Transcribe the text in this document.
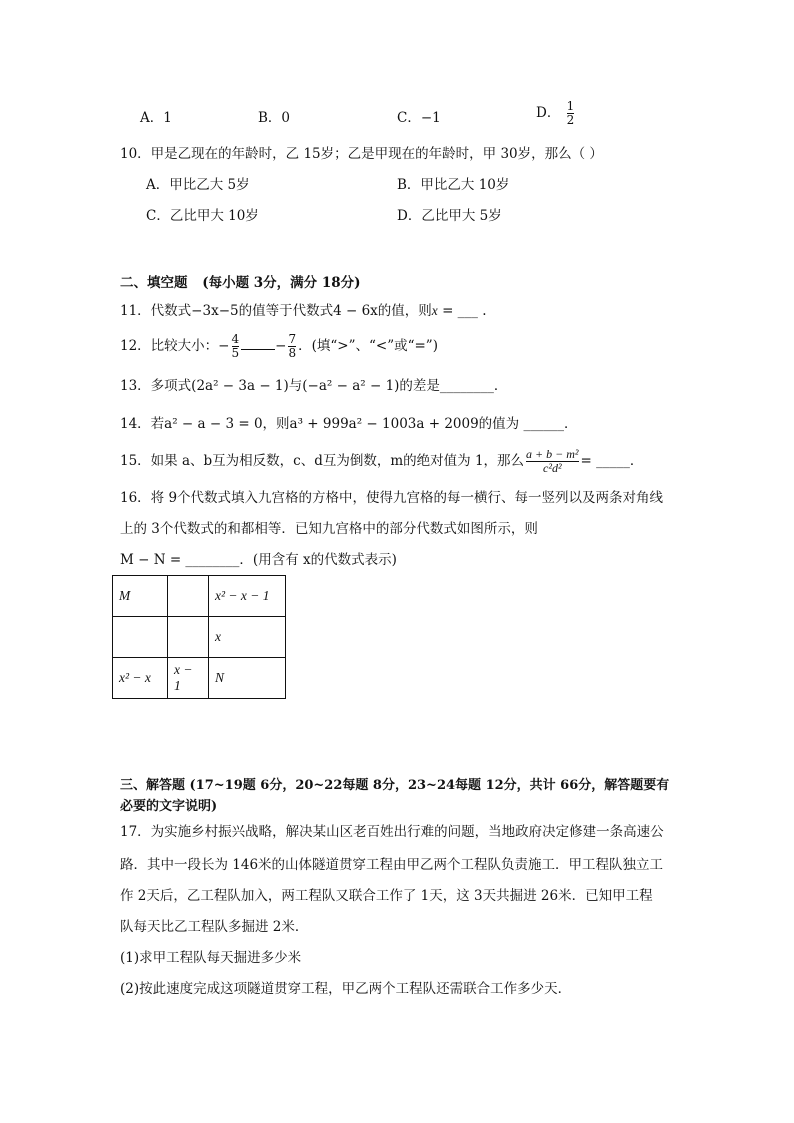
A．1	B．0	C．−1	D． $\frac{1}{2}$
10．甲是乙现在的年龄时，乙 15岁；乙是甲现在的年龄时，甲 30岁，那么（ ）
A．甲比乙大 5岁	B．甲比乙大 10岁
C．乙比甲大 10岁	D．乙比甲大 5岁
二、填空题 (每小题 3分，满分 18分)
11．代数式−3x−5的值等于代数式4 − 6x的值，则x = ___ .
12．比较大小：− $\frac{4}{5}$	− $\frac{7}{8}$ ．(填“>”、“<”或“=”)
13．多项式(2a² − 3a − 1)与(−a² − a² − 1)的差是________．
14．若a² − a − 3 = 0，则a³ + 999a² − 1003a + 2009的值为 ______．
15．如果 a、b互为相反数，c、d互为倒数，m的绝对值为 1，那么 $\frac{\text{a + b − m²}}{\text{c²d²}}$ = _____．
16．将 9个代数式填入九宫格的方格中，使得九宫格的每一横行、每一竖列以及两条对角线
上的 3个代数式的和都相等．已知九宫格中的部分代数式如图所示，则
M − N = ________．(用含有 x的代数式表示)
M		x² − x − 1
		x
x² − x	x − 1	N
三、解答题 (17~19题 6分，20~22每题 8分，23~24每题 12分，共计 66分，解答题要有
必要的文字说明)
17．为实施乡村振兴战略，解决某山区老百姓出行难的问题，当地政府决定修建一条高速公
路．其中一段长为 146米的山体隧道贯穿工程由甲乙两个工程队负责施工．甲工程队独立工
作 2天后，乙工程队加入，两工程队又联合工作了 1天，这 3天共掘进 26米．已知甲工程
队每天比乙工程队多掘进 2米．
(1)求甲工程队每天掘进多少米
(2)按此速度完成这项隧道贯穿工程，甲乙两个工程队还需联合工作多少天．
